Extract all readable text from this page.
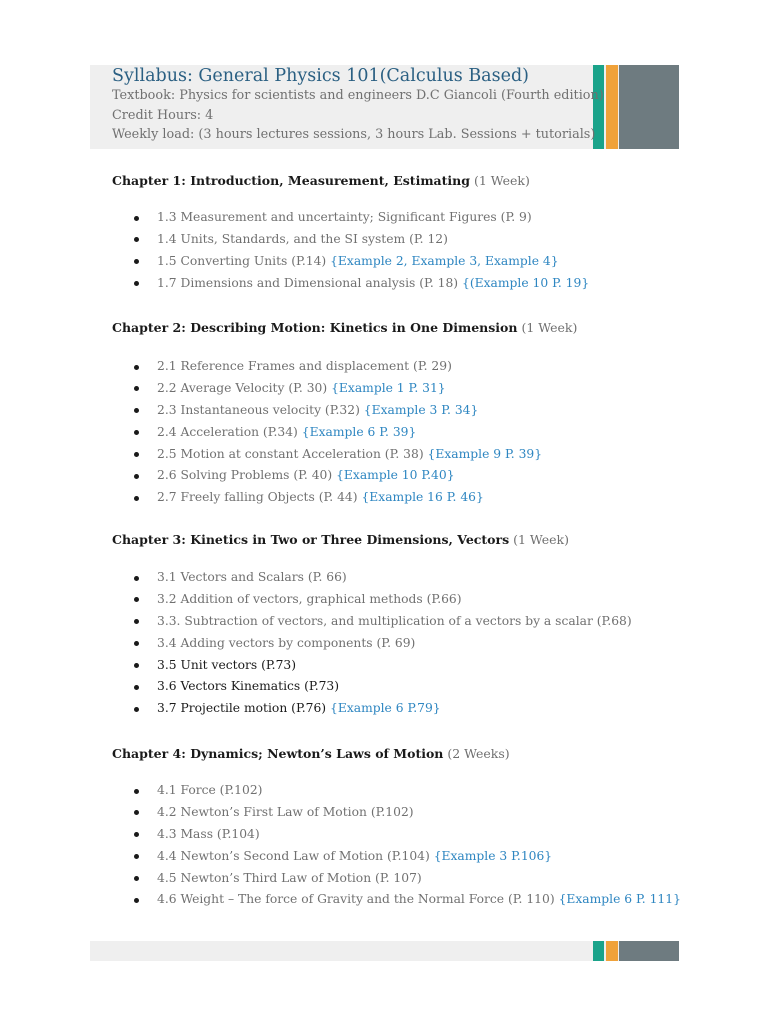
Syllabus: General Physics 101(Calculus Based)
Textbook: Physics for scientists and engineers D.C Giancoli (Fourth edition)
Credit Hours: 4
Weekly load: (3 hours lectures sessions, 3 hours Lab. Sessions + tutorials)
Chapter 1: Introduction, Measurement, Estimating (1 Week)
1.3 Measurement and uncertainty; Significant Figures (P. 9)
1.4 Units, Standards, and the SI system (P. 12)
1.5 Converting Units (P.14) {Example 2, Example 3, Example 4}
1.7 Dimensions and Dimensional analysis (P. 18) {(Example 10 P. 19}
Chapter 2: Describing Motion: Kinetics in One Dimension (1 Week)
2.1 Reference Frames and displacement (P. 29)
2.2 Average Velocity (P. 30) {Example 1 P. 31}
2.3 Instantaneous velocity (P.32) {Example 3 P. 34}
2.4 Acceleration (P.34) {Example 6 P. 39}
2.5 Motion at constant Acceleration (P. 38) {Example 9 P. 39}
2.6 Solving Problems (P. 40) {Example 10 P.40}
2.7 Freely falling Objects (P. 44) {Example 16 P. 46}
Chapter 3: Kinetics in Two or Three Dimensions, Vectors (1 Week)
3.1 Vectors and Scalars (P. 66)
3.2 Addition of vectors, graphical methods (P.66)
3.3. Subtraction of vectors, and multiplication of a vectors by a scalar (P.68)
3.4 Adding vectors by components (P. 69)
3.5 Unit vectors (P.73)
3.6 Vectors Kinematics (P.73)
3.7 Projectile motion (P.76) {Example 6 P.79}
Chapter 4: Dynamics; Newton’s Laws of Motion (2 Weeks)
4.1 Force (P.102)
4.2 Newton’s First Law of Motion (P.102)
4.3 Mass (P.104)
4.4 Newton’s Second Law of Motion (P.104) {Example 3 P.106}
4.5 Newton’s Third Law of Motion (P. 107)
4.6 Weight – The force of Gravity and the Normal Force (P. 110) {Example 6 P. 111}
